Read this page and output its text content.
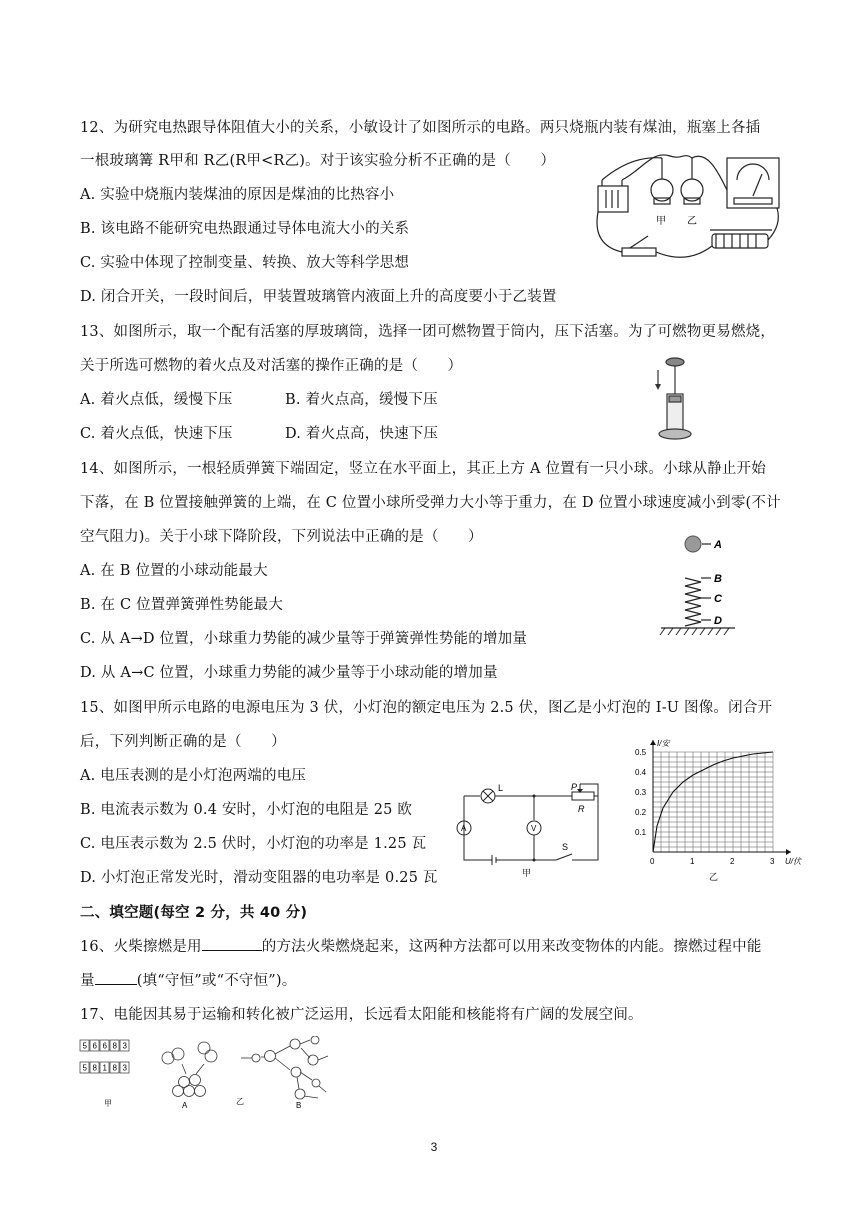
12、为研究电热跟导体阻值大小的关系，小敏设计了如图所示的电路。两只烧瓶内装有煤油，瓶塞上各插
一根玻璃篝 R甲和 R乙(R甲<R乙)。对于该实验分析不正确的是（　　）
A. 实验中烧瓶内装煤油的原因是煤油的比热容小
B. 该电路不能研究电热跟通过导体电流大小的关系
C. 实验中体现了控制变量、转换、放大等科学思想
D. 闭合开关，一段时间后，甲装置玻璃管内液面上升的高度要小于乙装置
甲 乙
13、如图所示，取一个配有活塞的厚玻璃筒，选择一团可燃物置于筒内，压下活塞。为了可燃物更易燃烧，
关于所选可燃物的着火点及对活塞的操作正确的是（　　）
A. 着火点低，缓慢下压	B. 着火点高，缓慢下压
C. 着火点低，快速下压	D. 着火点高，快速下压
14、如图所示，一根轻质弹簧下端固定，竖立在水平面上，其正上方 A 位置有一只小球。小球从静止开始
下落，在 B 位置接触弹簧的上端，在 C 位置小球所受弹力大小等于重力，在 D 位置小球速度减小到零(不计
空气阻力)。关于小球下降阶段，下列说法中正确的是（　　）
A. 在 B 位置的小球动能最大
B. 在 C 位置弹簧弹性势能最大
C. 从 A→D 位置，小球重力势能的减少量等于弹簧弹性势能的增加量
D. 从 A→C 位置，小球重力势能的减少量等于小球动能的增加量
A
B
C
D
15、如图甲所示电路的电源电压为 3 伏，小灯泡的额定电压为 2.5 伏，图乙是小灯泡的 I-U 图像。闭合开
后，下列判断正确的是（　　）
A. 电压表测的是小灯泡两端的电压
B. 电流表示数为 0.4 安时，小灯泡的电阻是 25 欧
C. 电压表示数为 2.5 伏时，小灯泡的功率是 1.25 瓦
D. 小灯泡正常发光时，滑动变阻器的电功率是 0.25 瓦
L	P
R
A	V
S
甲
0	1	2	3
0.1
0.2
0.3
0.4
0.5
U/伏
I/安
乙
二、填空题(每空 2 分，共 40 分)
16、火柴擦燃是用	的方法火柴燃烧起来，这两种方法都可以用来改变物体的内能。擦燃过程中能
量	(填“守恒”或“不守恒”)。
17、电能因其易于运输和转化被广泛运用，长远看太阳能和核能将有广阔的发展空间。
5 6 6 8 3
5 8 1 8 3
甲	A	乙	B
3
